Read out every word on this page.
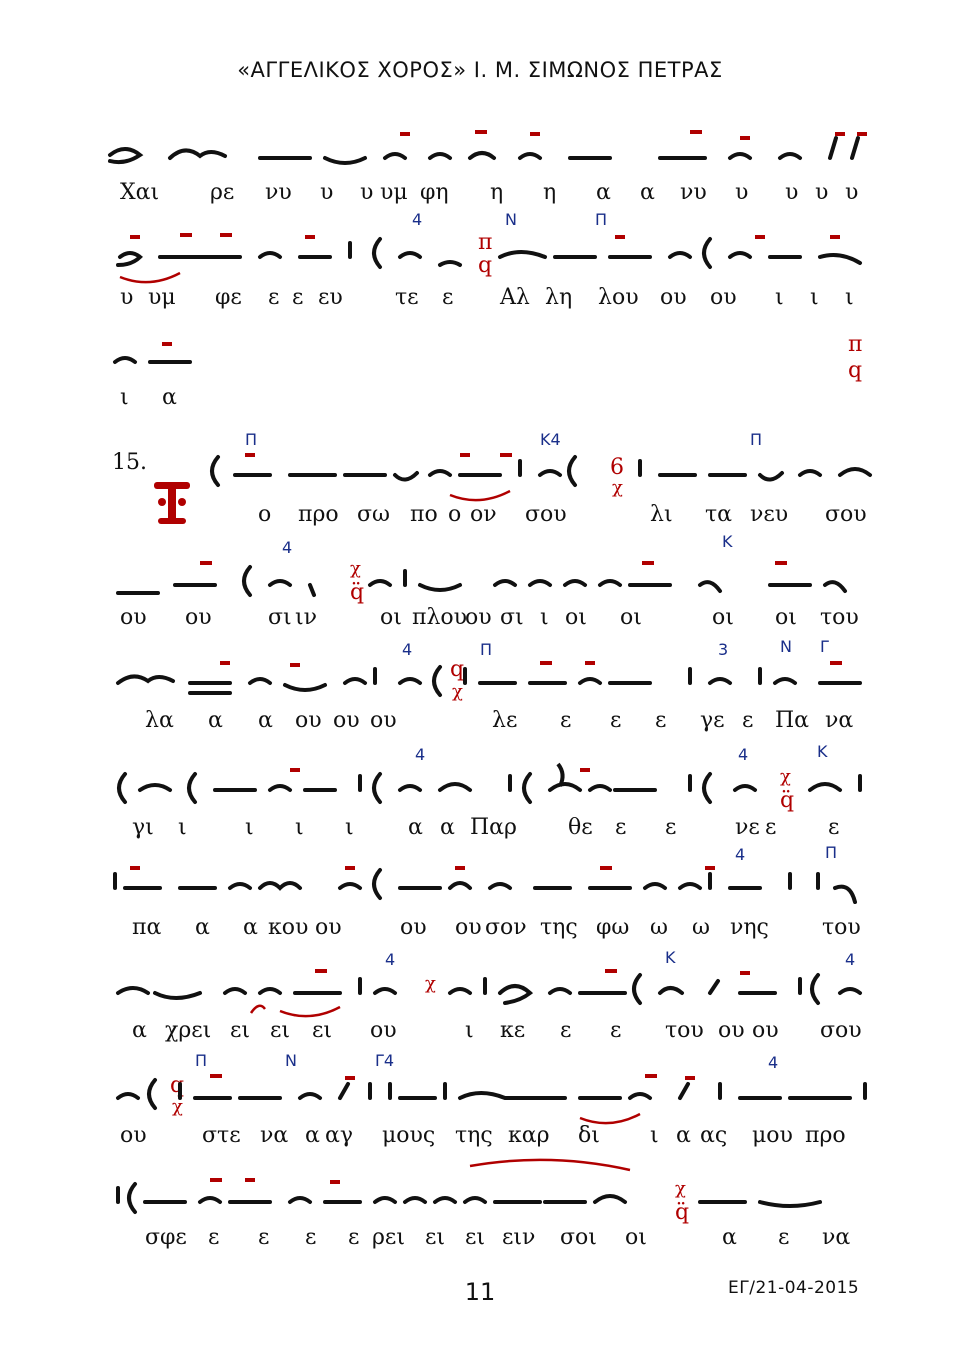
«ΑΓΓΕΛΙΚΟΣ ΧΟΡΟΣ» Ι. Μ. ΣΙΜΩΝΟΣ ΠΕΤΡΑΣ
Χαι ρε νυ υ υ υμ φη η η α α νυ υ υ υ υ
4	Ν	Π
π
q
υ υμ φε ε ε ευ τε ε Αλ λη λου ου ου ι ι ι
π
q
ι α
15.
Π	Κ4	Π
6
χ
ο προ σω πο ο ον σου	λι τα νευ σου
4
χ
q̈
Κ
ου ου	σι ιν	οι πλου
ου σι ι οι οι	οι οι του
4	Π	3	Ν Γ
q
χ
λα α α ου ου ου	λε ε ε ε γε ε Πα να
4	4	Κ
χ
q̈
γι ι	ι ι ι α α Παρ θε ε ε	νε ε ε
4	Π
πα α α κου ου	ου ου σον της φω ω ω νης του
4	Κ	4
χ
α χρει ει ει ει ου	ι κε ε ε του ου ου σου
Π	Ν	Γ4	4
q
χ
ου	στε να α αγ μους της καρ δι ι α ας μου προ
χ
q̈
σφε ε ε ε ε ρει ει ει ειν σοι οι	α ε να
11	ΕΓ/21-04-2015
